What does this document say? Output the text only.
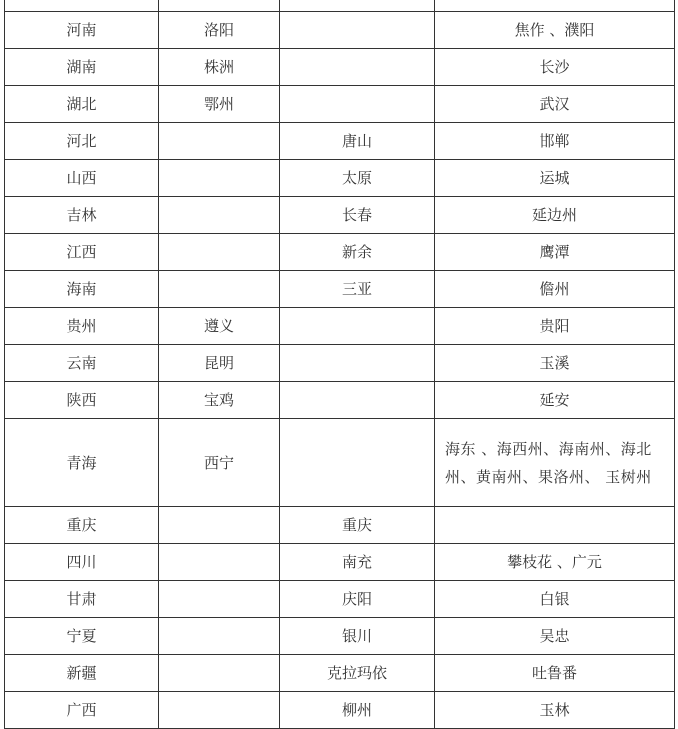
河南	洛阳		焦作 、濮阳
湖南	株洲		长沙
湖北	鄂州		武汉
河北		唐山	邯郸
山西		太原	运城
吉林		长春	延边州
江西		新余	鹰潭
海南		三亚	儋州
贵州	遵义		贵阳
云南	昆明		玉溪
陕西	宝鸡		延安
青海	西宁		海东 、海西州、海南州、海北州、黄南州、果洛州、 玉树州
重庆		重庆	
四川		南充	攀枝花 、广元
甘肃		庆阳	白银
宁夏		银川	吴忠
新疆		克拉玛依	吐鲁番
广西		柳州	玉林
